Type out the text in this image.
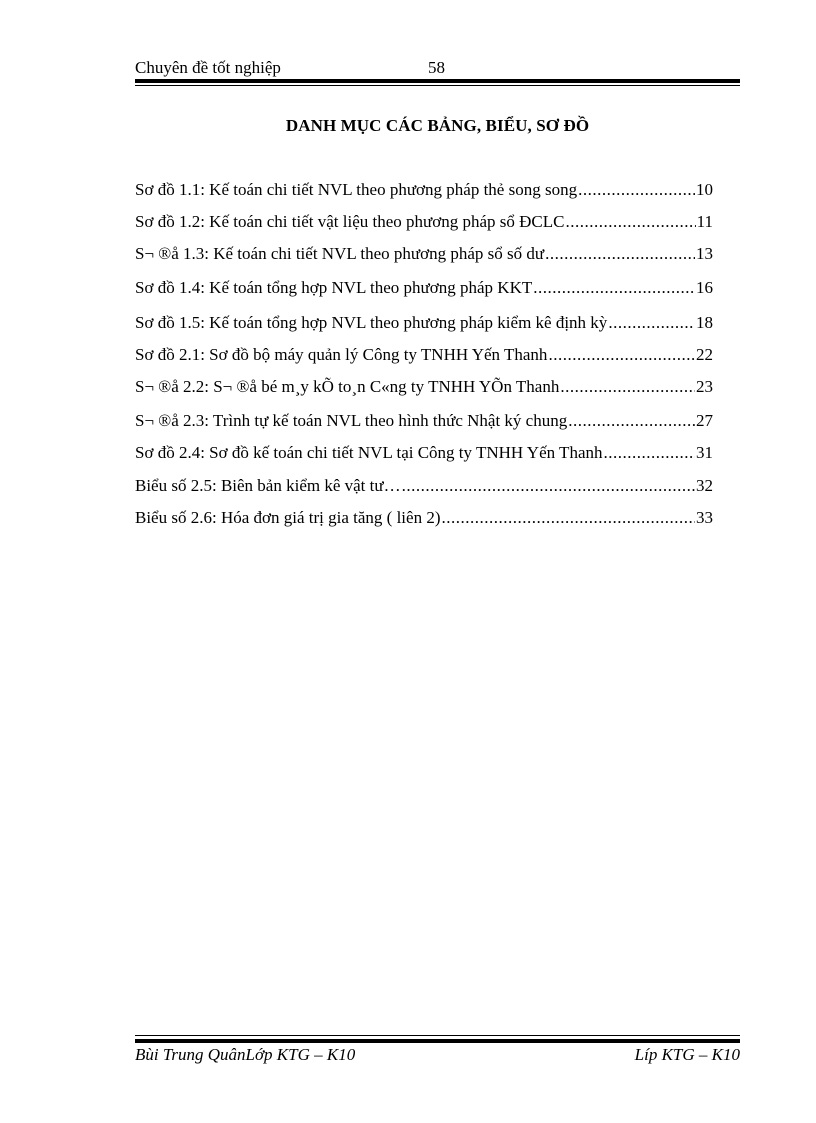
Chuyên đề tốt nghiệp	58
DANH MỤC CÁC BẢNG, BIỂU, SƠ ĐỒ
Sơ đồ 1.1: Kế toán chi tiết NVL theo phương pháp thẻ song song .....	10
Sơ đồ 1.2: Kế toán chi tiết vật liệu theo phương pháp sổ ĐCLC .....	11
S¬ ®å 1.3: Kế toán chi tiết NVL theo phương pháp sổ số dư .....	13
Sơ đồ 1.4: Kế toán tổng hợp NVL theo phương pháp KKT .....	16
Sơ đồ 1.5: Kế toán tổng hợp NVL theo phương pháp kiểm kê định kỳ .....	18
Sơ đồ 2.1: Sơ đồ bộ máy quản lý Công ty TNHH Yến Thanh .....	22
S¬ ®å 2.2: S¬ ®å bé m¸y kÕ to¸n C«ng ty TNHH YÕn Thanh .....	23
S¬ ®å 2.3: Trình tự kế toán NVL theo hình thức Nhật ký chung .....	27
Sơ đồ 2.4: Sơ đồ kế toán chi tiết NVL tại Công ty TNHH Yến Thanh .....	31
Biểu số 2.5: Biên bản kiểm kê vật tư… .....	32
Biểu số 2.6: Hóa đơn giá trị gia tăng ( liên 2) .....	33
Bùi Trung QuânLớp KTG – K10	Líp KTG – K10
